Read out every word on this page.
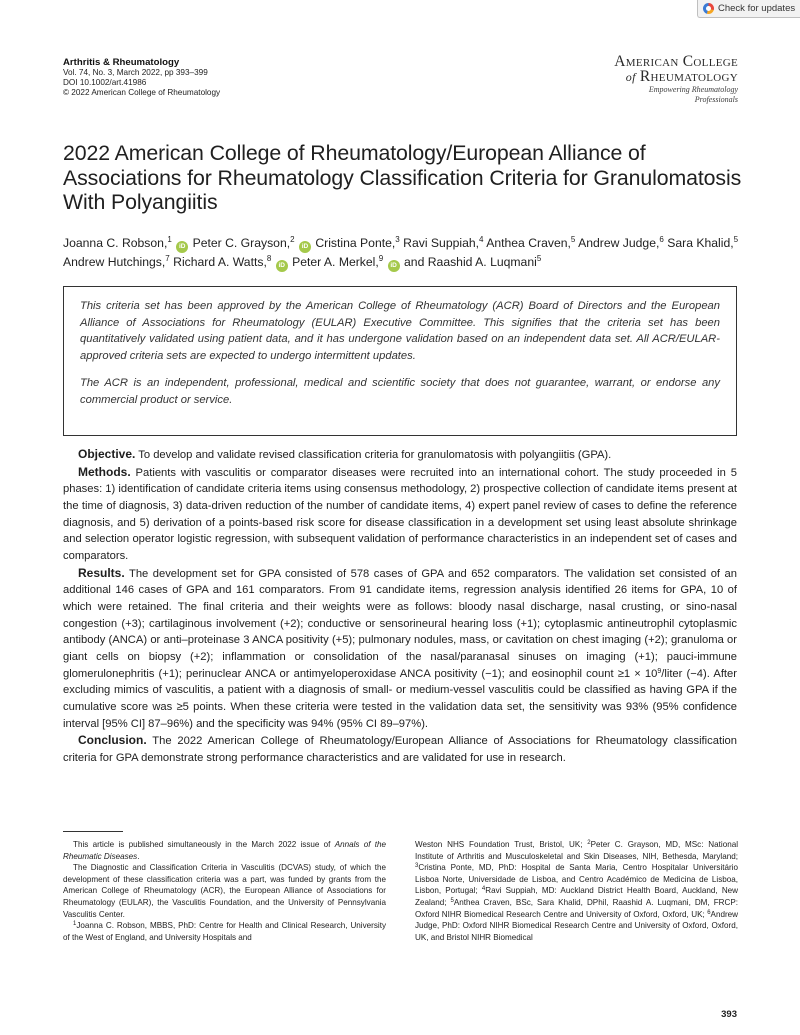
Check for updates
Arthritis & Rheumatology
Vol. 74, No. 3, March 2022, pp 393–399
DOI 10.1002/art.41986
© 2022 American College of Rheumatology
American College
of Rheumatology
Empowering Rheumatology Professionals
2022 American College of Rheumatology/European Alliance of Associations for Rheumatology Classification Criteria for Granulomatosis With Polyangiitis
Joanna C. Robson,$^1$ iD Peter C. Grayson,$^2$ iD Cristina Ponte,$^3$ Ravi Suppiah,$^4$ Anthea Craven,$^5$ Andrew Judge,$^6$ Sara Khalid,$^5$ Andrew Hutchings,$^7$ Richard A. Watts,$^8$ iD Peter A. Merkel,$^9$ iD and Raashid A. Luqmani$^5$

This criteria set has been approved by the American College of Rheumatology (ACR) Board of Directors and the European Alliance of Associations for Rheumatology (EULAR) Executive Committee. This signifies that the criteria set has been quantitatively validated using patient data, and it has undergone validation based on an independent data set. All ACR/EULAR-approved criteria sets are expected to undergo intermittent updates.

The ACR is an independent, professional, medical and scientific society that does not guarantee, warrant, or endorse any commercial product or service.

Objective. To develop and validate revised classification criteria for granulomatosis with polyangiitis (GPA).

Methods. Patients with vasculitis or comparator diseases were recruited into an international cohort. The study proceeded in 5 phases: 1) identification of candidate criteria items using consensus methodology, 2) prospective collection of candidate items present at the time of diagnosis, 3) data-driven reduction of the number of candidate items, 4) expert panel review of cases to define the reference diagnosis, and 5) derivation of a points-based risk score for disease classification in a development set using least absolute shrinkage and selection operator logistic regression, with subsequent validation of performance characteristics in an independent set of cases and comparators.

Results. The development set for GPA consisted of 578 cases of GPA and 652 comparators. The validation set consisted of an additional 146 cases of GPA and 161 comparators. From 91 candidate items, regression analysis identified 26 items for GPA, 10 of which were retained. The final criteria and their weights were as follows: bloody nasal discharge, nasal crusting, or sino-nasal congestion (+3); cartilaginous involvement (+2); conductive or sensorineural hearing loss (+1); cytoplasmic antineutrophil cytoplasmic antibody (ANCA) or anti–proteinase 3 ANCA positivity (+5); pulmonary nodules, mass, or cavitation on chest imaging (+2); granuloma or giant cells on biopsy (+2); inflammation or consolidation of the nasal/paranasal sinuses on imaging (+1); pauci-immune glomerulonephritis (+1); perinuclear ANCA or antimyeloperoxidase ANCA positivity (−1); and eosinophil count $\ge 1 \times 10^9$/liter (−4). After excluding mimics of vasculitis, a patient with a diagnosis of small- or medium-vessel vasculitis could be classified as having GPA if the cumulative score was ≥5 points. When these criteria were tested in the validation data set, the sensitivity was 93% (95% confidence interval [95% CI] 87–96%) and the specificity was 94% (95% CI 89–97%).

Conclusion. The 2022 American College of Rheumatology/European Alliance of Associations for Rheumatology classification criteria for GPA demonstrate strong performance characteristics and are validated for use in research.

This article is published simultaneously in the March 2022 issue of Annals of the Rheumatic Diseases.

The Diagnostic and Classification Criteria in Vasculitis (DCVAS) study, of which the development of these classification criteria was a part, was funded by grants from the American College of Rheumatology (ACR), the European Alliance of Associations for Rheumatology (EULAR), the Vasculitis Foundation, and the University of Pennsylvania Vasculitis Center.

$^1$Joanna C. Robson, MBBS, PhD: Centre for Health and Clinical Research, University of the West of England, and University Hospitals and

Weston NHS Foundation Trust, Bristol, UK; $^2$Peter C. Grayson, MD, MSc: National Institute of Arthritis and Musculoskeletal and Skin Diseases, NIH, Bethesda, Maryland; $^3$Cristina Ponte, MD, PhD: Hospital de Santa Maria, Centro Hospitalar Universitário Lisboa Norte, Universidade de Lisboa, and Centro Académico de Medicina de Lisboa, Lisbon, Portugal; $^4$Ravi Suppiah, MD: Auckland District Health Board, Auckland, New Zealand; $^5$Anthea Craven, BSc, Sara Khalid, DPhil, Raashid A. Luqmani, DM, FRCP: Oxford NIHR Biomedical Research Centre and University of Oxford, Oxford, UK; $^6$Andrew Judge, PhD: Oxford NIHR Biomedical Research Centre and University of Oxford, Oxford, UK, and Bristol NIHR Biomedical

393
